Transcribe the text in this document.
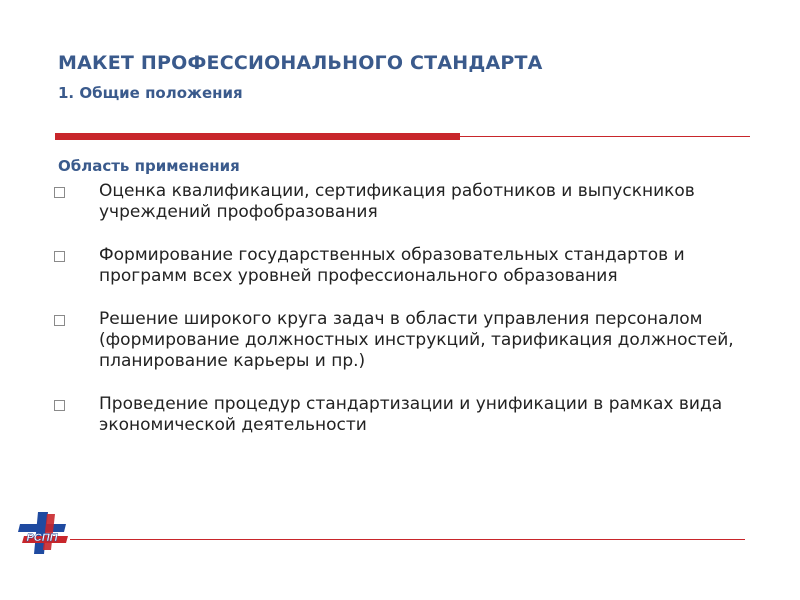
МАКЕТ ПРОФЕССИОНАЛЬНОГО СТАНДАРТА
1. Общие положения
Область применения
Оценка квалификации, сертификация работников и выпускников учреждений профобразования
Формирование государственных образовательных стандартов и программ всех уровней профессионального образования
Решение широкого круга задач в области управления персоналом (формирование должностных инструкций, тарификация должностей, планирование карьеры и пр.)
Проведение процедур стандартизации и унификации в рамках вида экономической деятельности
РСПП
